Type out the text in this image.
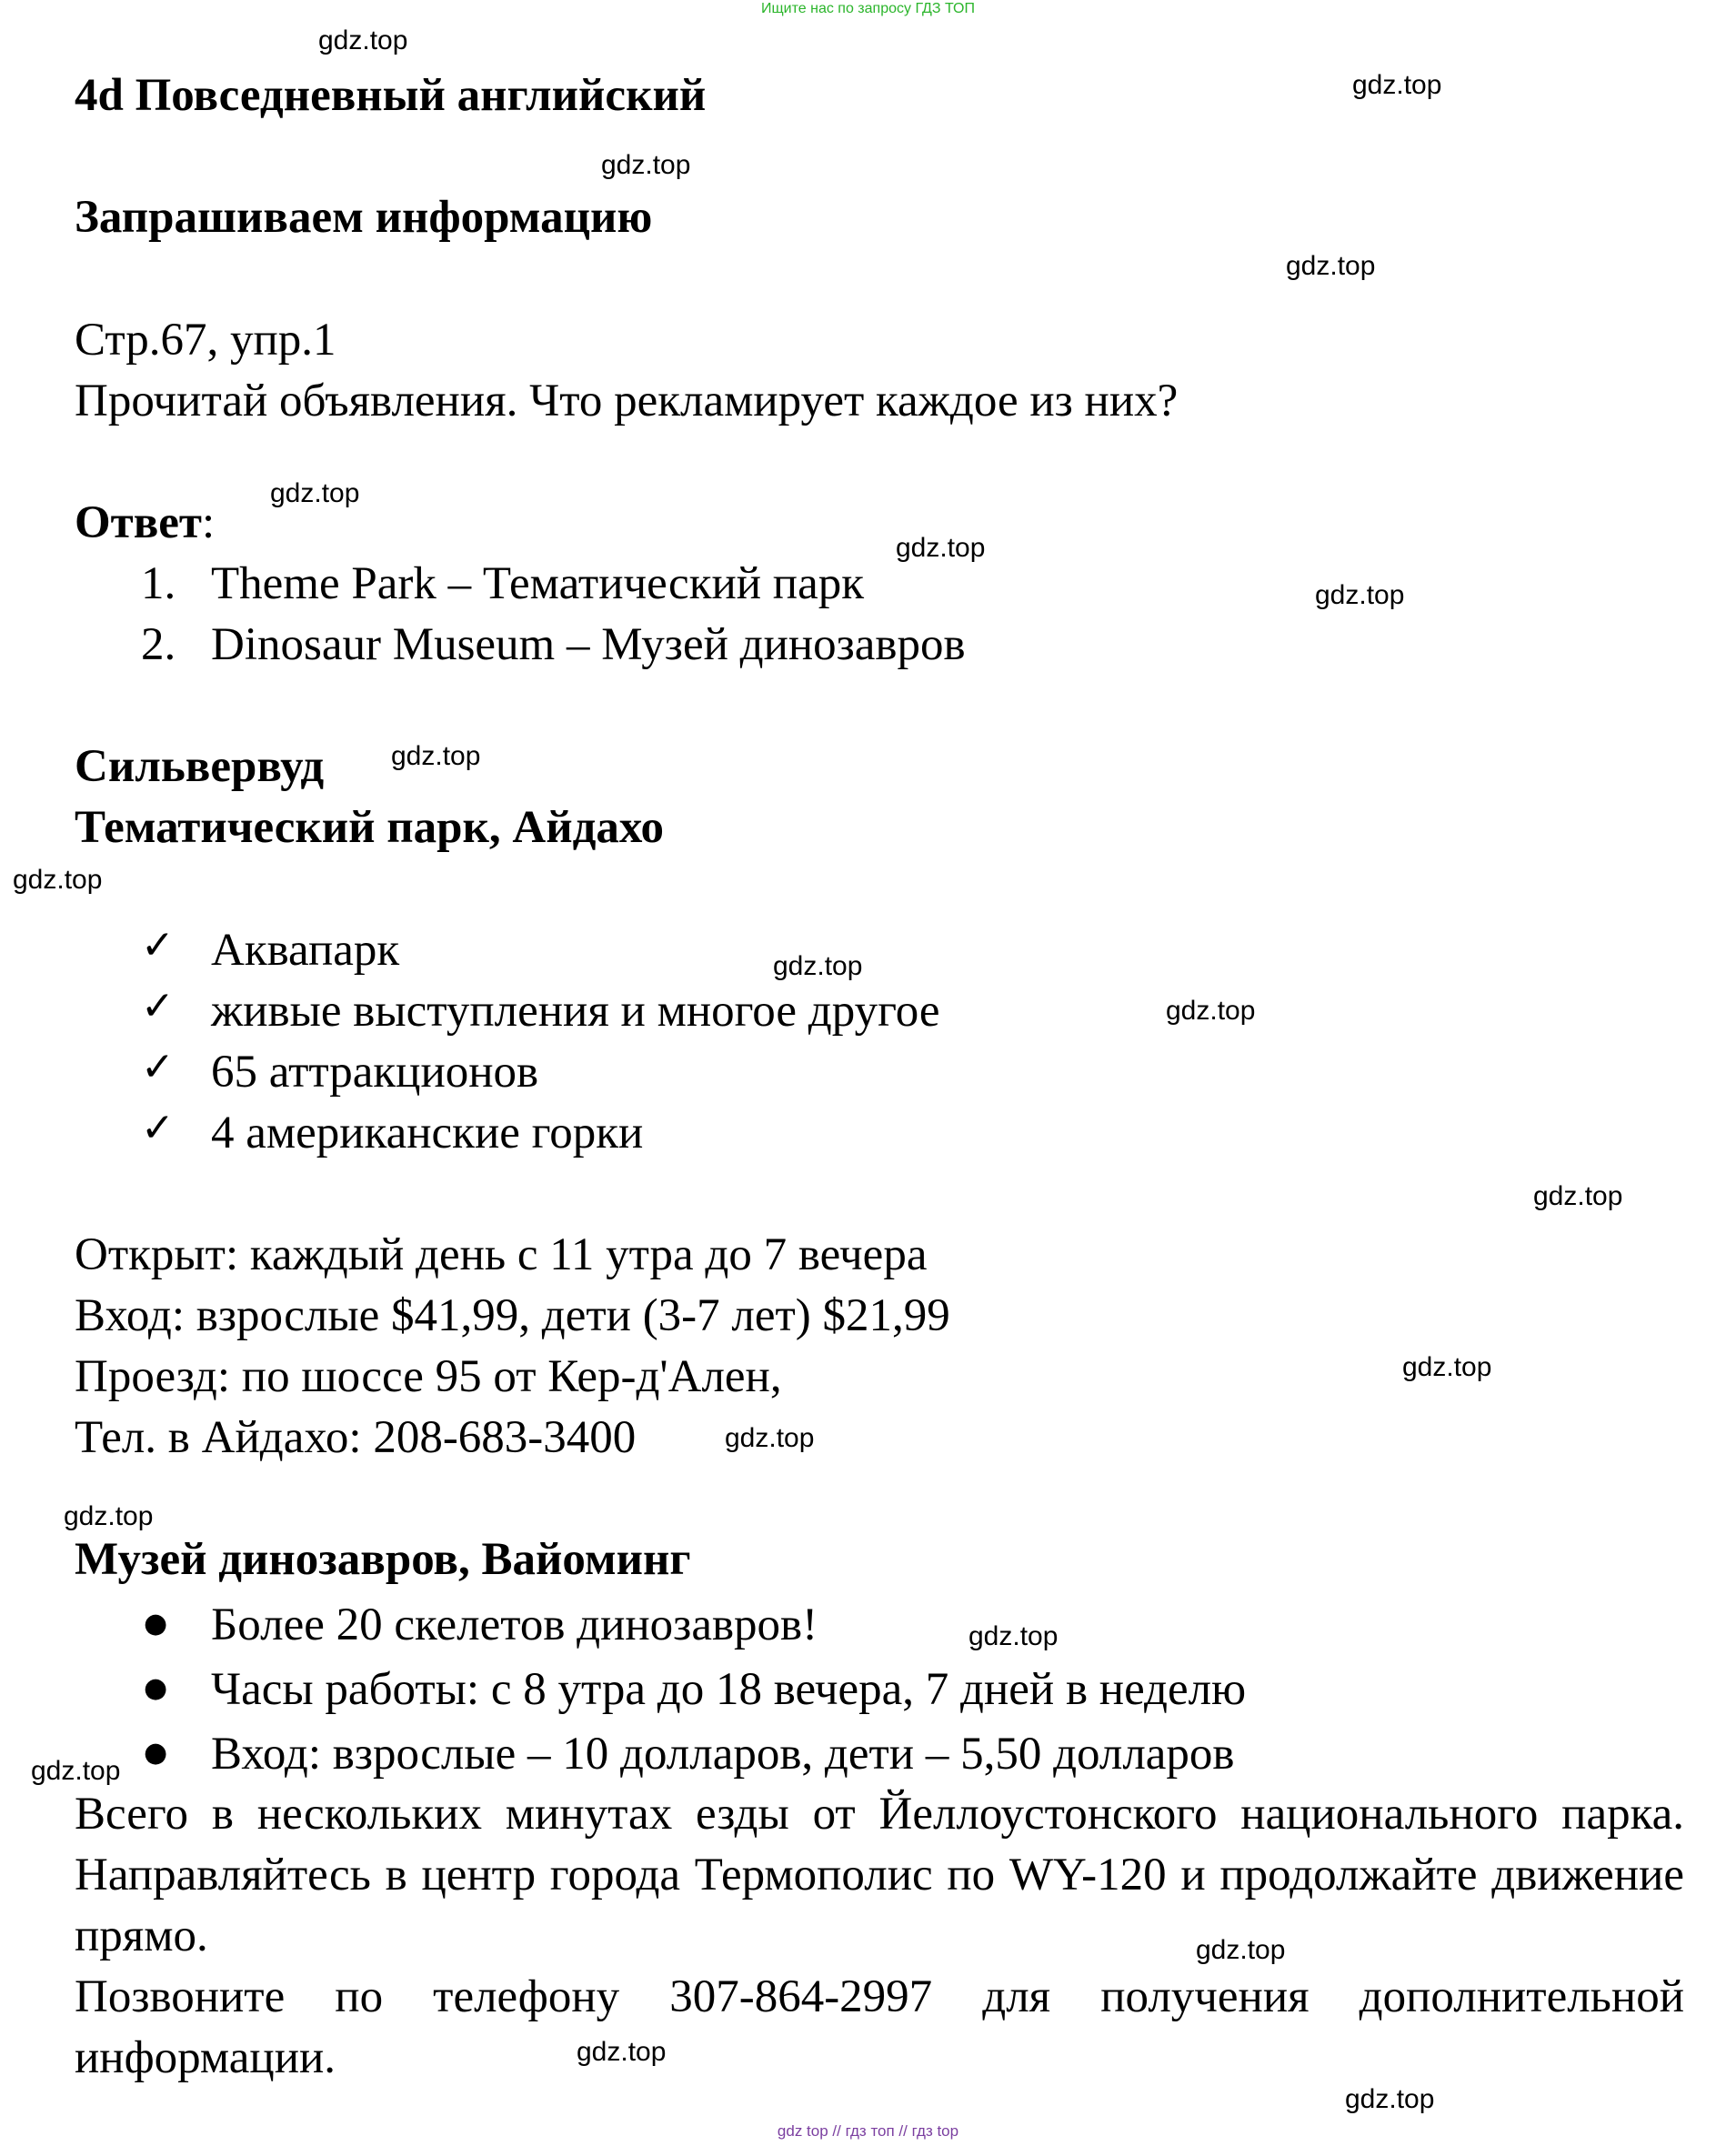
Ищите нас по запросу ГДЗ ТОП
gdz.top
gdz.top
gdz.top
gdz.top
gdz.top
gdz.top
gdz.top
gdz.top
gdz.top
gdz.top
gdz.top
gdz.top
gdz.top
gdz.top
gdz.top
gdz.top
gdz.top
gdz.top
gdz.top
gdz.top
4d Повседневный английский
Запрашиваем информацию
Стр.67, упр.1
Прочитай объявления. Что рекламирует каждое из них?
Ответ:
1. Theme Park – Тематический парк
2. Dinosaur Museum – Музей динозавров
Сильвервуд
Тематический парк, Айдахо
✓ Аквапарк
✓ живые выступления и многое другое
✓ 65 аттракционов
✓ 4 американские горки
Открыт: каждый день с 11 утра до 7 вечера
Вход: взрослые $41,99, дети (3-7 лет) $21,99
Проезд: по шоссе 95 от Кер-д'Ален,
Тел. в Айдахо: 208-683-3400
Музей динозавров, Вайоминг
● Более 20 скелетов динозавров!
● Часы работы: с 8 утра до 18 вечера, 7 дней в неделю
● Вход: взрослые – 10 долларов, дети – 5,50 долларов
Всего в нескольких минутах езды от Йеллоустонского национального парка. Направляйтесь в центр города Термополис по WY-120 и продолжайте движение прямо.
Позвоните по телефону 307-864-2997 для получения дополнительной информации.
gdz top // гдз топ // гдз top
